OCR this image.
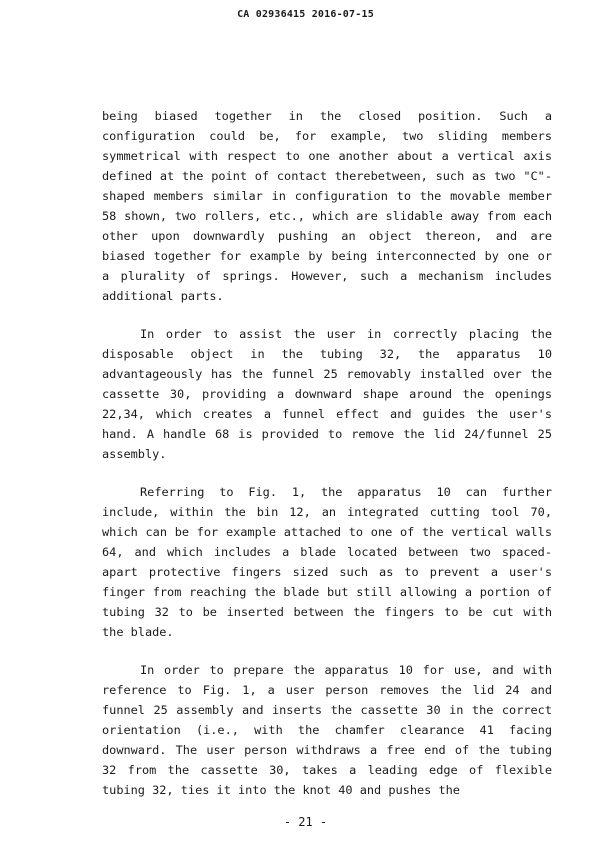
CA 02936415 2016-07-15

being biased together in the closed position. Such a configuration could be, for example, two sliding members symmetrical with respect to one another about a vertical axis defined at the point of contact therebetween, such as two "C"-shaped members similar in configuration to the movable member 58 shown, two rollers, etc., which are slidable away from each other upon downwardly pushing an object thereon, and are biased together for example by being interconnected by one or a plurality of springs. However, such a mechanism includes additional parts.

In order to assist the user in correctly placing the disposable object in the tubing 32, the apparatus 10 advantageously has the funnel 25 removably installed over the cassette 30, providing a downward shape around the openings 22,34, which creates a funnel effect and guides the user's hand. A handle 68 is provided to remove the lid 24/funnel 25 assembly.

Referring to Fig. 1, the apparatus 10 can further include, within the bin 12, an integrated cutting tool 70, which can be for example attached to one of the vertical walls 64, and which includes a blade located between two spaced-apart protective fingers sized such as to prevent a user's finger from reaching the blade but still allowing a portion of tubing 32 to be inserted between the fingers to be cut with the blade.

In order to prepare the apparatus 10 for use, and with reference to Fig. 1, a user person removes the lid 24 and funnel 25 assembly and inserts the cassette 30 in the correct orientation (i.e., with the chamfer clearance 41 facing downward. The user person withdraws a free end of the tubing 32 from the cassette 30, takes a leading edge of flexible tubing 32, ties it into the knot 40 and pushes the

- 21 -
